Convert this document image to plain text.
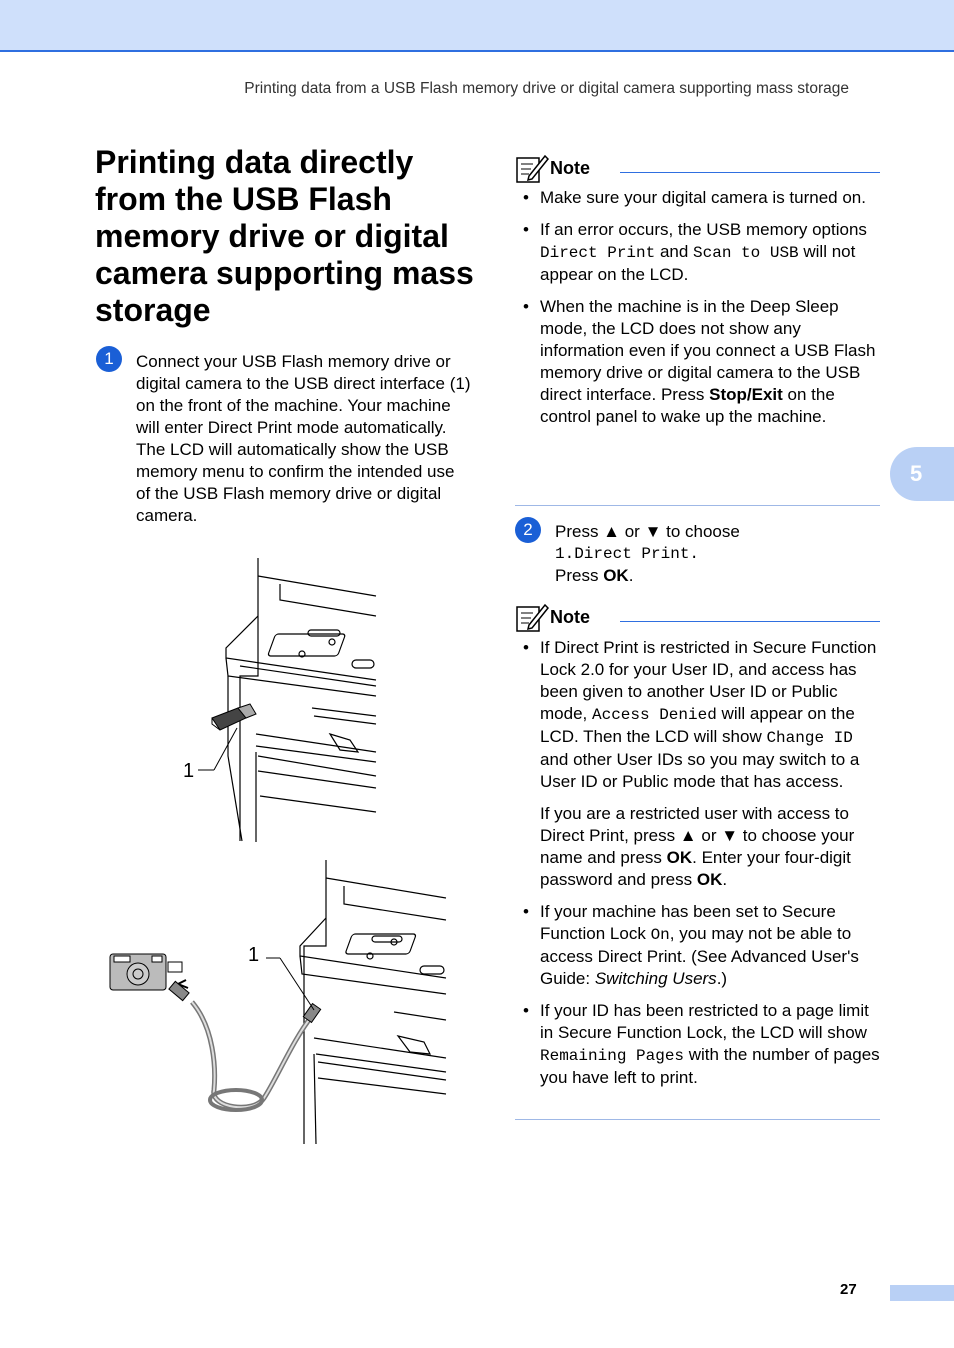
Printing data from a USB Flash memory drive or digital camera supporting mass storage
5
Printing data directly from the USB Flash memory drive or digital camera supporting mass storage
1	Connect your USB Flash memory drive or digital camera to the USB direct interface (1) on the front of the machine. Your machine will enter Direct Print mode automatically.

The LCD will automatically show the USB memory menu to confirm the intended use of the USB Flash memory drive or digital camera.

1
1
Note
• Make sure your digital camera is turned on.
• If an error occurs, the USB memory options Direct Print and Scan to USB will not appear on the LCD.
• When the machine is in the Deep Sleep mode, the LCD does not show any information even if you connect a USB Flash memory drive or digital camera to the USB direct interface. Press Stop/Exit on the control panel to wake up the machine.
2	Press ▲ or ▼ to choose
1.Direct Print.
Press OK.
Note
• If Direct Print is restricted in Secure Function Lock 2.0 for your User ID, and access has been given to another User ID or Public mode, Access Denied will appear on the LCD. Then the LCD will show Change ID and other User IDs so you may switch to a User ID or Public mode that has access.
If you are a restricted user with access to Direct Print, press ▲ or ▼ to choose your name and press OK. Enter your four-digit password and press OK.
• If your machine has been set to Secure Function Lock On, you may not be able to access Direct Print. (See Advanced User's Guide: Switching Users.)
• If your ID has been restricted to a page limit in Secure Function Lock, the LCD will show Remaining Pages with the number of pages you have left to print.
27
